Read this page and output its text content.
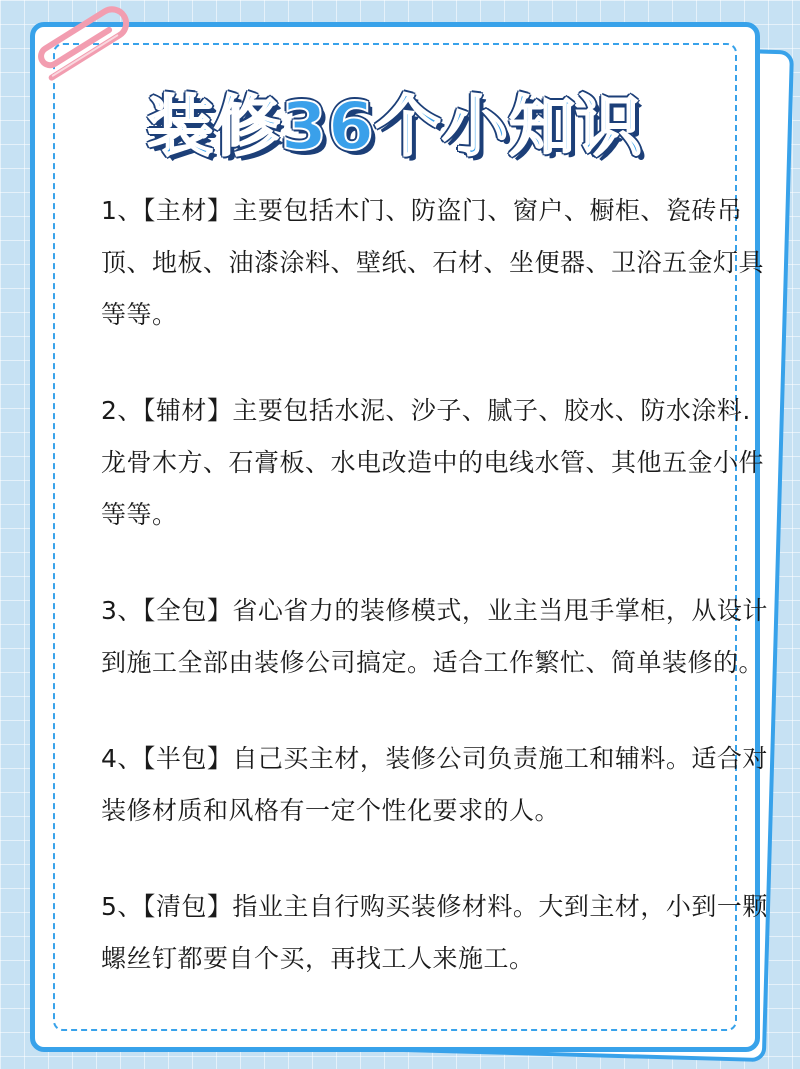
装修36个小知识

1、【主材】主要包括木门、防盗门、窗户、橱柜、瓷砖吊顶、地板、油漆涂料、壁纸、石材、坐便器、卫浴五金灯具等等。

2、【辅材】主要包括水泥、沙子、腻子、胶水、防水涂料.龙骨木方、石膏板、水电改造中的电线水管、其他五金小件等等。

3、【全包】省心省力的装修模式，业主当甩手掌柜，从设计到施工全部由装修公司搞定。适合工作繁忙、简单装修的。

4、【半包】自己买主材，装修公司负责施工和辅料。适合对装修材质和风格有一定个性化要求的人。

5、【清包】指业主自行购买装修材料。大到主材，小到一颗螺丝钉都要自个买，再找工人来施工。
